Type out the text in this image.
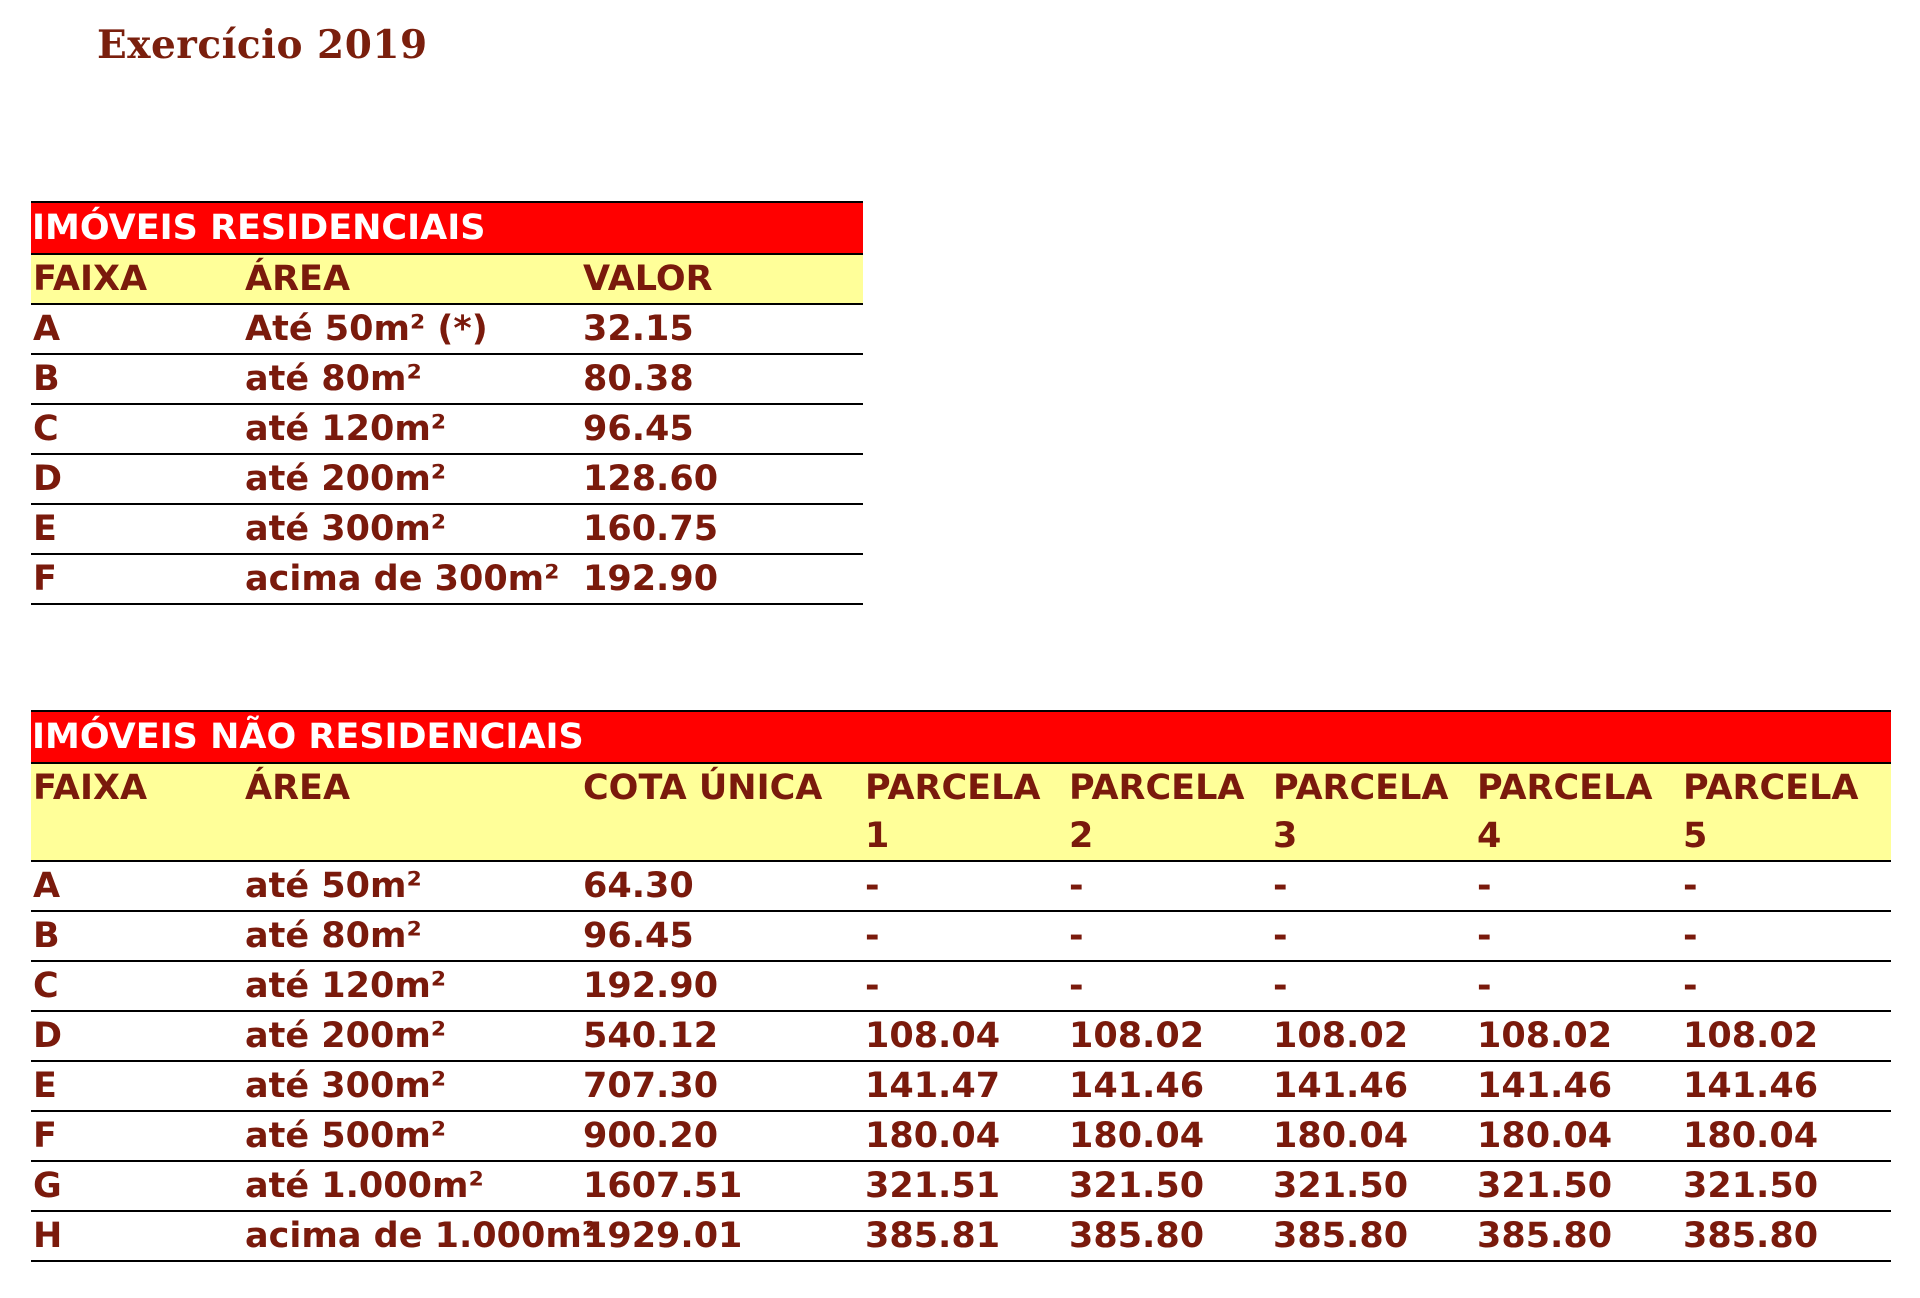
Exercício 2019
IMÓVEIS RESIDENCIAIS		
FAIXA	ÁREA	VALOR
A	Até 50m² (*)	32.15
B	até 80m²	80.38
C	até 120m²	96.45
D	até 200m²	128.60
E	até 300m²	160.75
F	acima de 300m²	192.90
IMÓVEIS NÃO RESIDENCIAIS							
FAIXA	ÁREA	COTA ÚNICA	PARCELA 1	PARCELA 2	PARCELA 3	PARCELA 4	PARCELA 5
A	até 50m²	64.30	-	-	-	-	-
B	até 80m²	96.45	-	-	-	-	-
C	até 120m²	192.90	-	-	-	-	-
D	até 200m²	540.12	108.04	108.02	108.02	108.02	108.02
E	até 300m²	707.30	141.47	141.46	141.46	141.46	141.46
F	até 500m²	900.20	180.04	180.04	180.04	180.04	180.04
G	até 1.000m²	1607.51	321.51	321.50	321.50	321.50	321.50
H	acima de 1.000m²	1929.01	385.81	385.80	385.80	385.80	385.80
